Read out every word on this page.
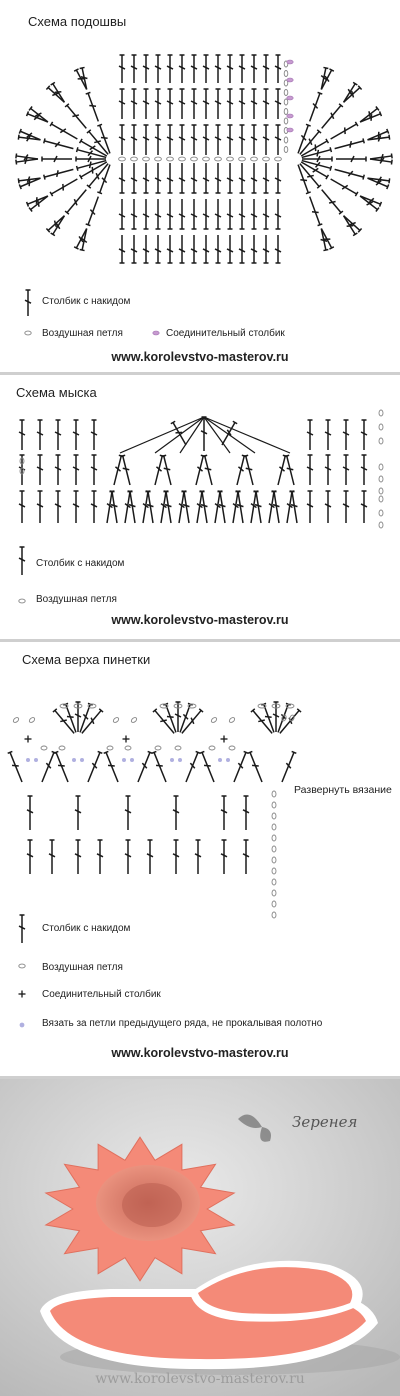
Схема подошвы
Столбик с накидом
Воздушная петля	Соединительный столбик
www.korolevstvo-masterov.ru
Схема мыска
Столбик с накидом
Воздушная петля
www.korolevstvo-masterov.ru
Схема верха пинетки
Развернуть вязание
Столбик с накидом
Воздушная петля
Соединительный столбик
Вязать за петли предыдущего ряда, не прокалывая полотно
www.korolevstvo-masterov.ru
Зеренея
www.korolevstvo-masterov.ru
